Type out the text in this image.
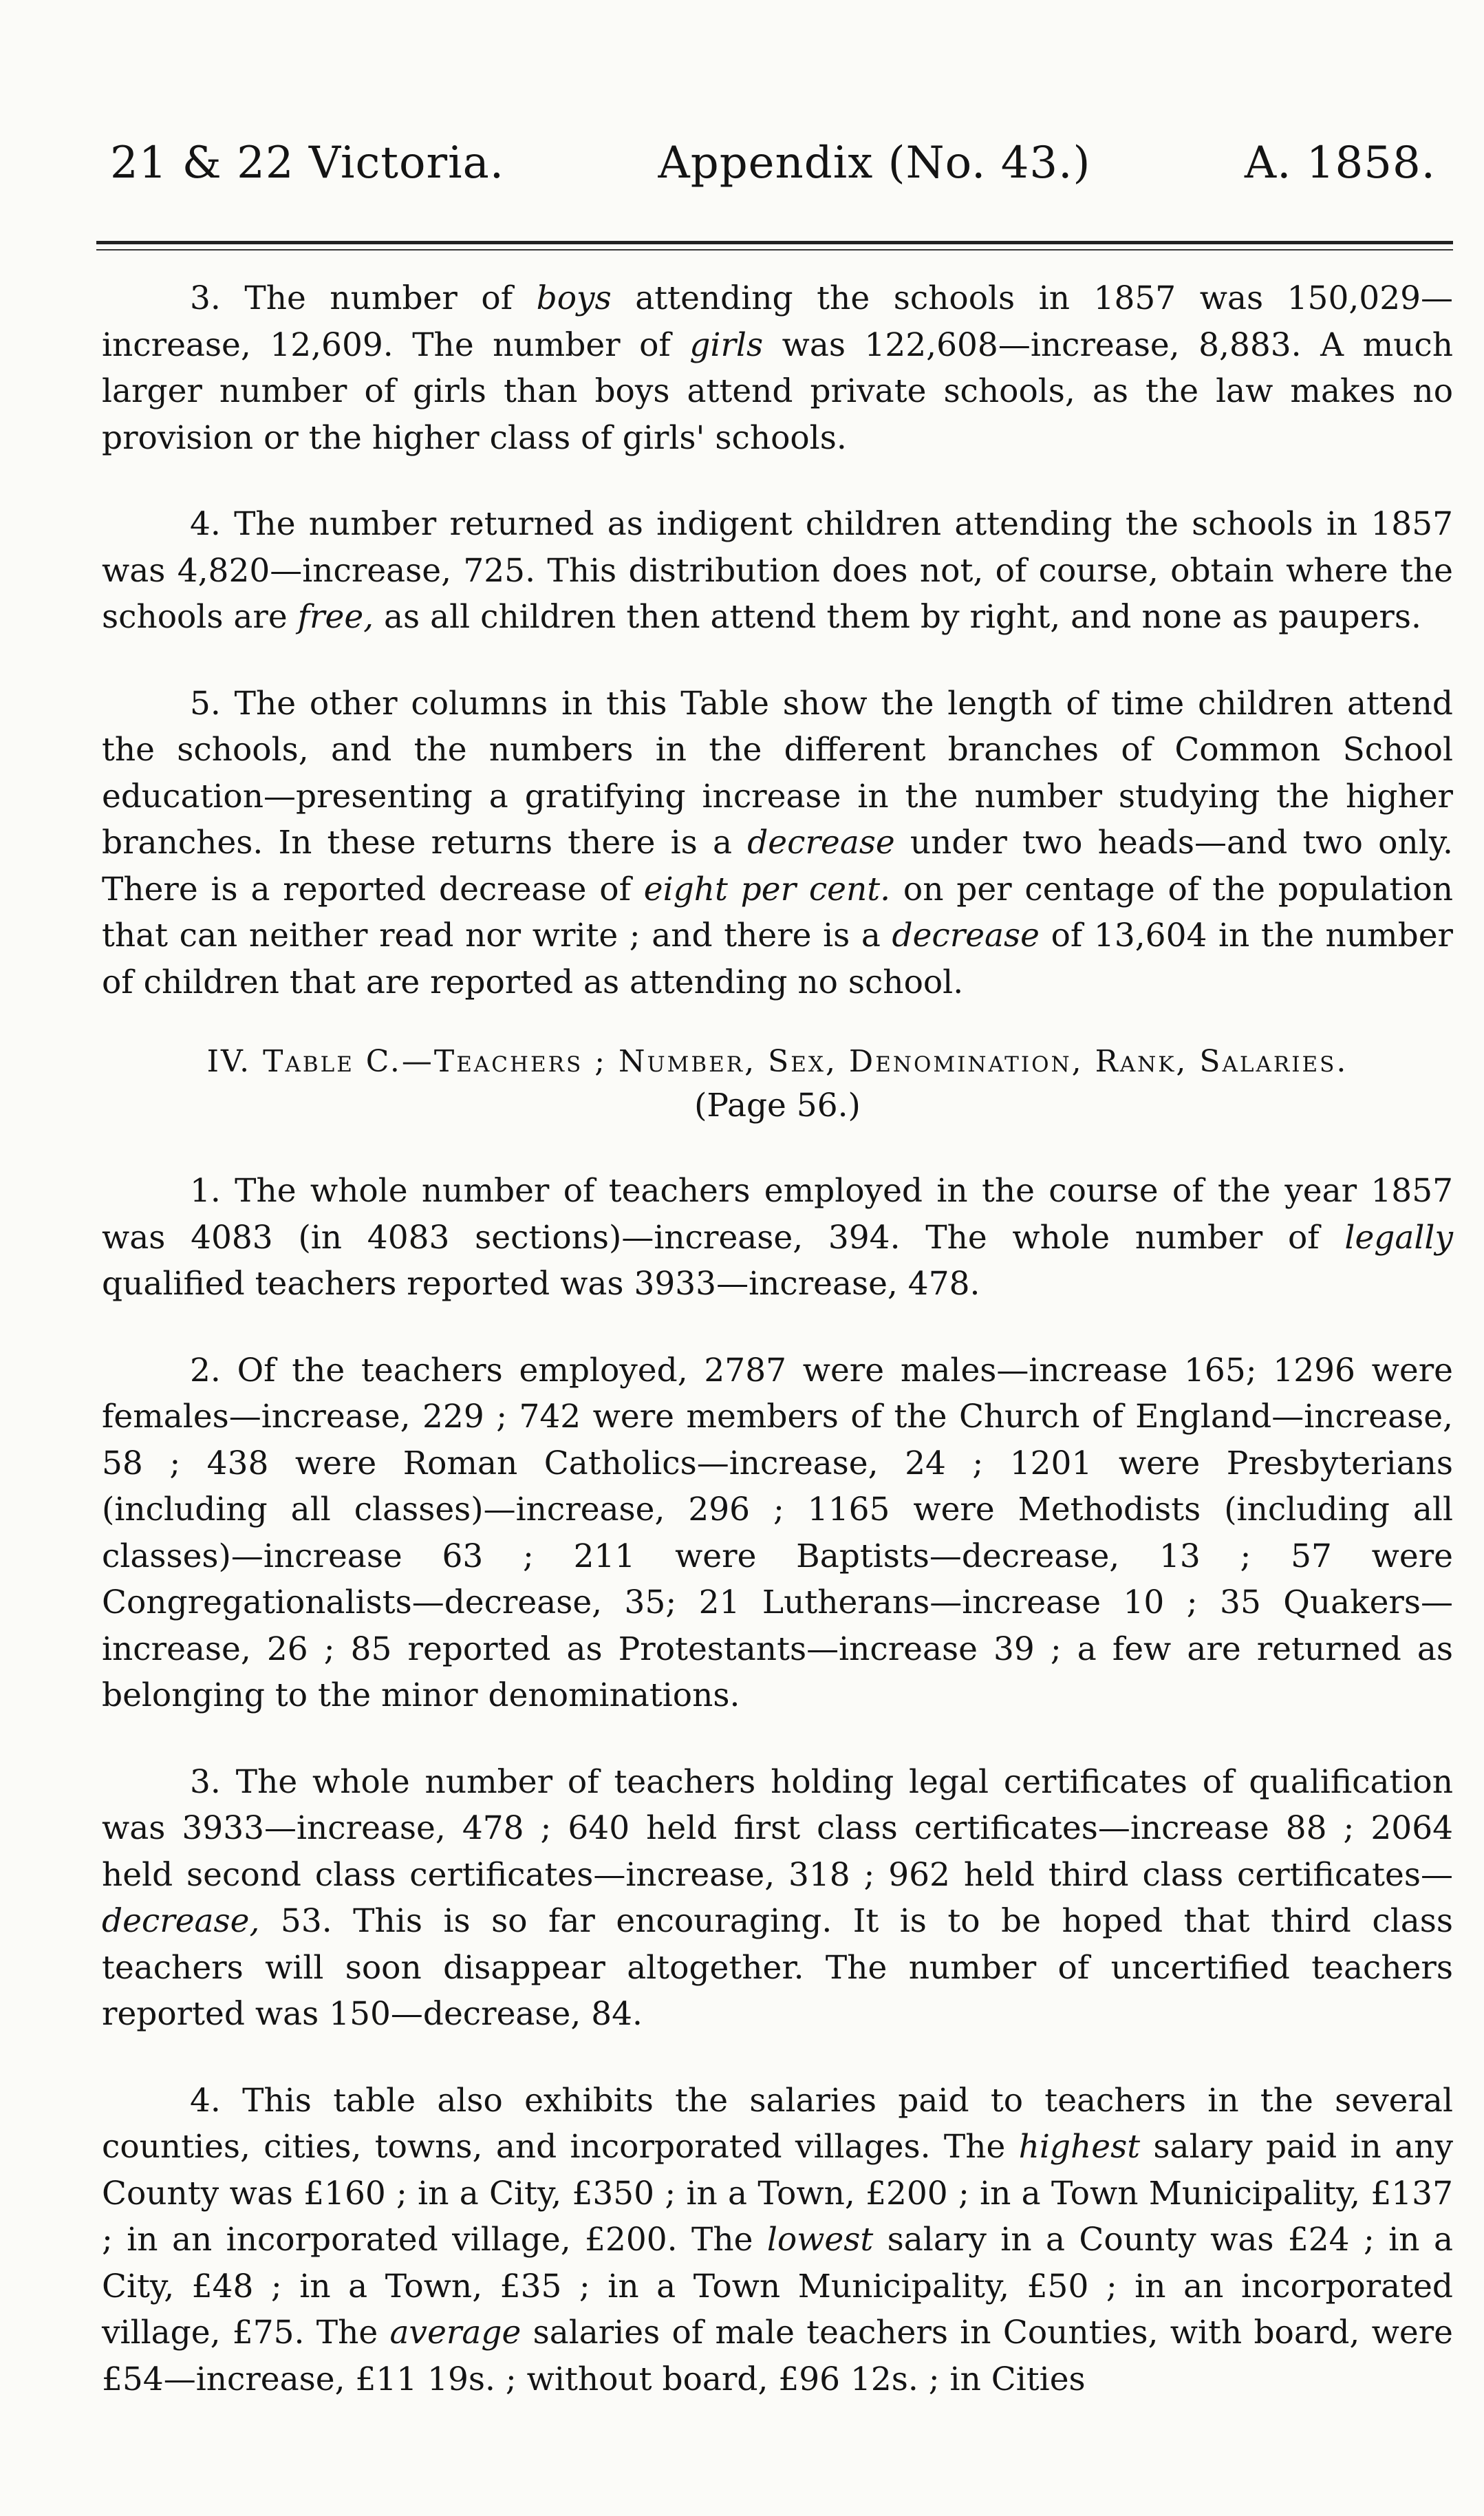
21 & 22 Victoria.	Appendix (No. 43.)	A. 1858.

3. The number of boys attending the schools in 1857 was 150,029—increase, 12,609. The number of girls was 122,608—increase, 8,883. A much larger number of girls than boys attend private schools, as the law makes no provision or the higher class of girls' schools.

4. The number returned as indigent children attending the schools in 1857 was 4,820—increase, 725. This distribution does not, of course, obtain where the schools are free, as all children then attend them by right, and none as paupers.

5. The other columns in this Table show the length of time children attend the schools, and the numbers in the different branches of Common School education—presenting a gratifying increase in the number studying the higher branches. In these returns there is a decrease under two heads—and two only. There is a reported decrease of eight per cent. on per centage of the population that can neither read nor write ; and there is a decrease of 13,604 in the number of children that are reported as attending no school.

IV. Table C.—Teachers ; Number, Sex, Denomination, Rank, Salaries.

(Page 56.)

1. The whole number of teachers employed in the course of the year 1857 was 4083 (in 4083 sections)—increase, 394. The whole number of legally qualified teachers reported was 3933—increase, 478.

2. Of the teachers employed, 2787 were males—increase 165; 1296 were females—increase, 229 ; 742 were members of the Church of England—increase, 58 ; 438 were Roman Catholics—increase, 24 ; 1201 were Presbyterians (including all classes)—increase, 296 ; 1165 were Methodists (including all classes)—increase 63 ; 211 were Baptists—decrease, 13 ; 57 were Congregationalists—decrease, 35; 21 Lutherans—increase 10 ; 35 Quakers—increase, 26 ; 85 reported as Protestants—increase 39 ; a few are returned as belonging to the minor denominations.

3. The whole number of teachers holding legal certificates of qualification was 3933—increase, 478 ; 640 held first class certificates—increase 88 ; 2064 held second class certificates—increase, 318 ; 962 held third class certificates—decrease, 53. This is so far encouraging. It is to be hoped that third class teachers will soon disappear altogether. The number of uncertified teachers reported was 150—decrease, 84.

4. This table also exhibits the salaries paid to teachers in the several counties, cities, towns, and incorporated villages. The highest salary paid in any County was £160 ; in a City, £350 ; in a Town, £200 ; in a Town Municipality, £137 ; in an incorporated village, £200. The lowest salary in a County was £24 ; in a City, £48 ; in a Town, £35 ; in a Town Municipality, £50 ; in an incorporated village, £75. The average salaries of male teachers in Counties, with board, were £54—increase, £11 19s. ; without board, £96 12s. ; in Cities
